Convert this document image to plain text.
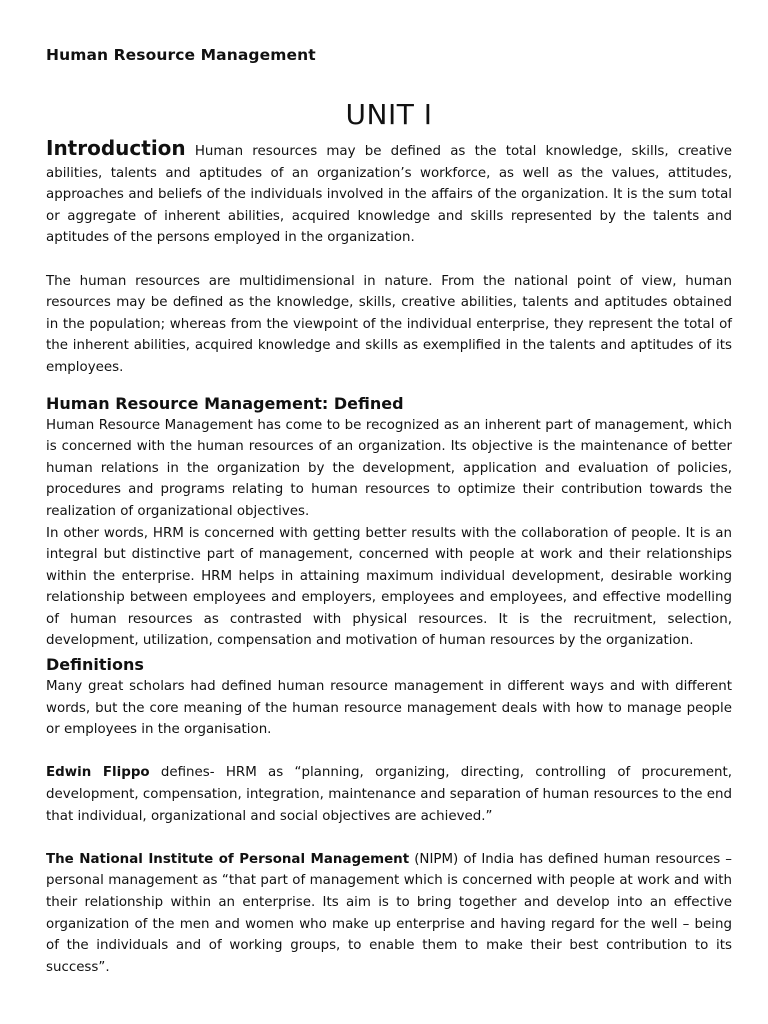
Human Resource Management
UNIT I

Introduction Human resources may be defined as the total knowledge, skills, creative abilities, talents and aptitudes of an organization’s workforce, as well as the values, attitudes, approaches and beliefs of the individuals involved in the affairs of the organization. It is the sum total or aggregate of inherent abilities, acquired knowledge and skills represented by the talents and aptitudes of the persons employed in the organization.

The human resources are multidimensional in nature. From the national point of view, human resources may be defined as the knowledge, skills, creative abilities, talents and aptitudes obtained in the population; whereas from the viewpoint of the individual enterprise, they represent the total of the inherent abilities, acquired knowledge and skills as exemplified in the talents and aptitudes of its employees.

Human Resource Management: Defined

Human Resource Management has come to be recognized as an inherent part of management, which is concerned with the human resources of an organization. Its objective is the maintenance of better human relations in the organization by the development, application and evaluation of policies, procedures and programs relating to human resources to optimize their contribution towards the realization of organizational objectives.

In other words, HRM is concerned with getting better results with the collaboration of people. It is an integral but distinctive part of management, concerned with people at work and their relationships within the enterprise. HRM helps in attaining maximum individual development, desirable working relationship between employees and employers, employees and employees, and effective modelling of human resources as contrasted with physical resources. It is the recruitment, selection, development, utilization, compensation and motivation of human resources by the organization.

Definitions

Many great scholars had defined human resource management in different ways and with different words, but the core meaning of the human resource management deals with how to manage people or employees in the organisation.

Edwin Flippo defines- HRM as “planning, organizing, directing, controlling of procurement, development, compensation, integration, maintenance and separation of human resources to the end that individual, organizational and social objectives are achieved.”

The National Institute of Personal Management (NIPM) of India has defined human resources – personal management as “that part of management which is concerned with people at work and with their relationship within an enterprise. Its aim is to bring together and develop into an effective organization of the men and women who make up enterprise and having regard for the well – being of the individuals and of working groups, to enable them to make their best contribution to its success”.
